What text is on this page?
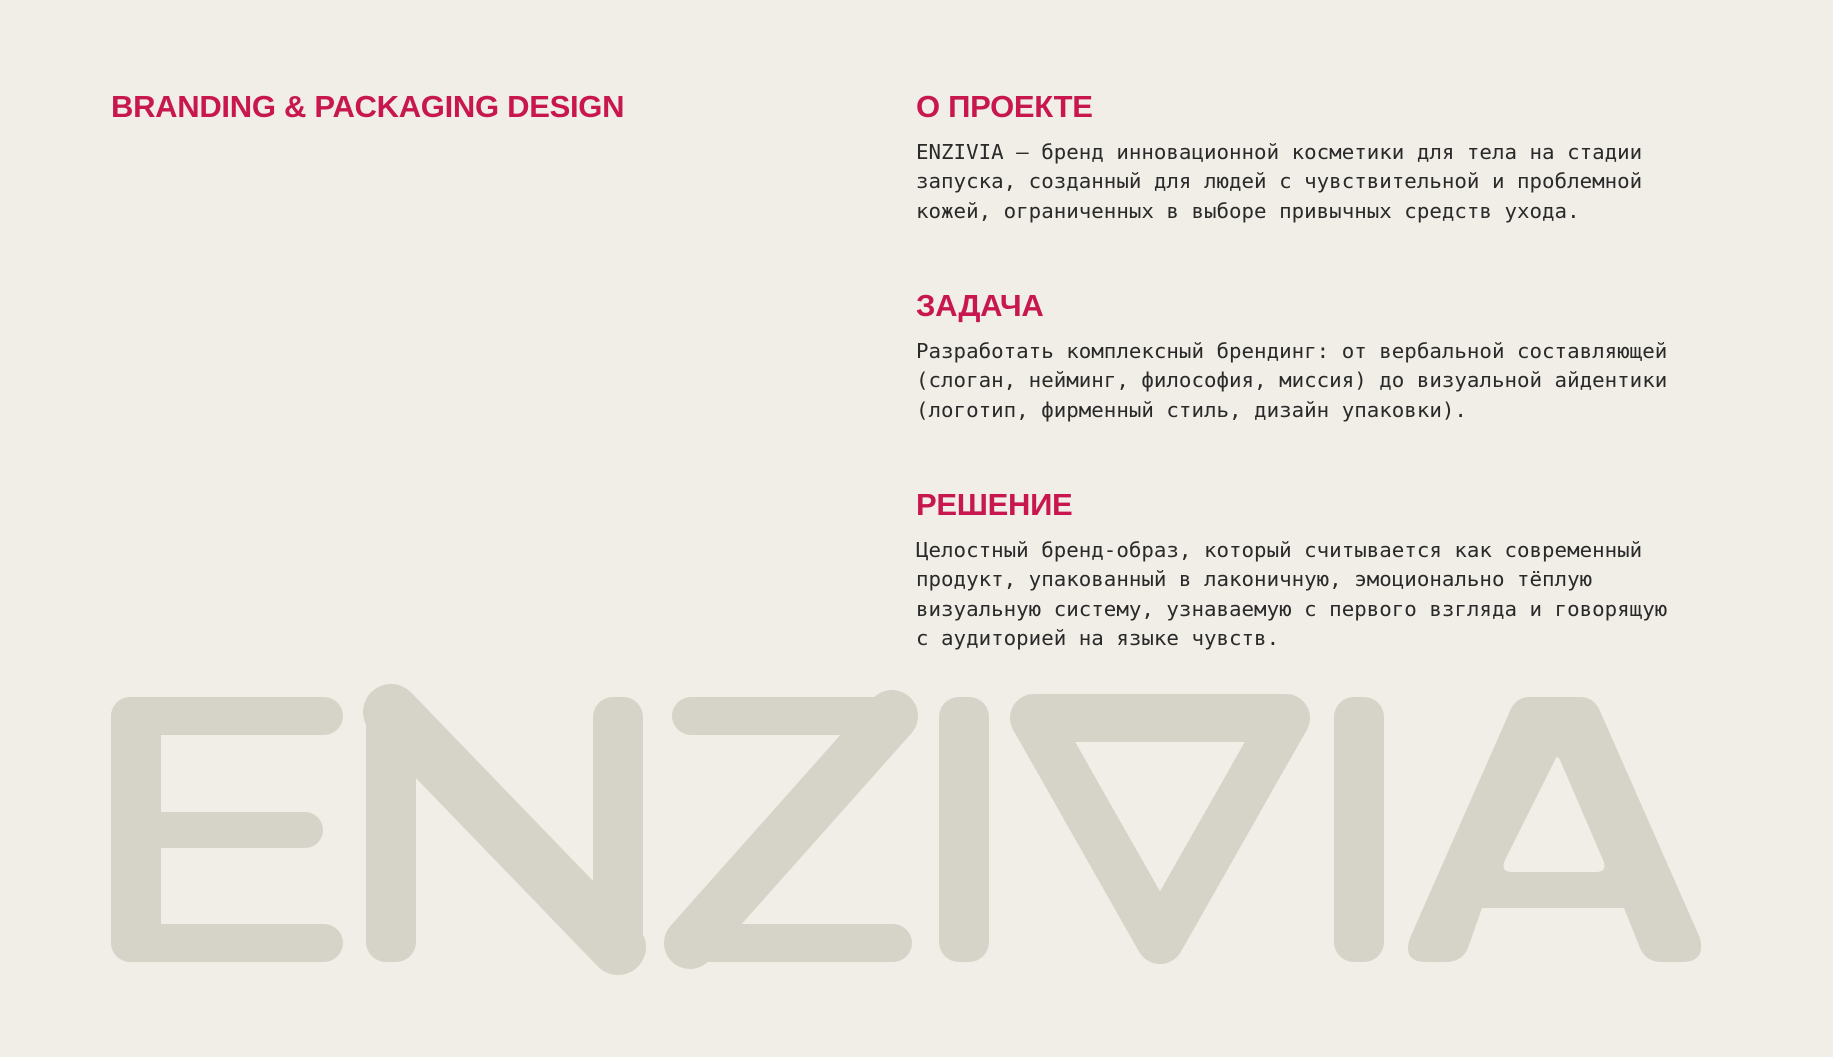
BRANDING & PACKAGING DESIGN	О ПРОЕКТЕ

ENZIVIA – бренд инновационной косметики для тела на стадии
запуска, созданный для людей с чувствительной и проблемной
кожей, ограниченных в выборе привычных средств ухода.

ЗАДАЧА

Разработать комплексный брендинг: от вербальной составляющей
(слоган, нейминг, философия, миссия) до визуальной айдентики
(логотип, фирменный стиль, дизайн упаковки).

РЕШЕНИЕ

Целостный бренд-образ, который считывается как современный
продукт, упакованный в лаконичную, эмоционально тёплую
визуальную систему, узнаваемую с первого взгляда и говорящую
с аудиторией на языке чувств.
